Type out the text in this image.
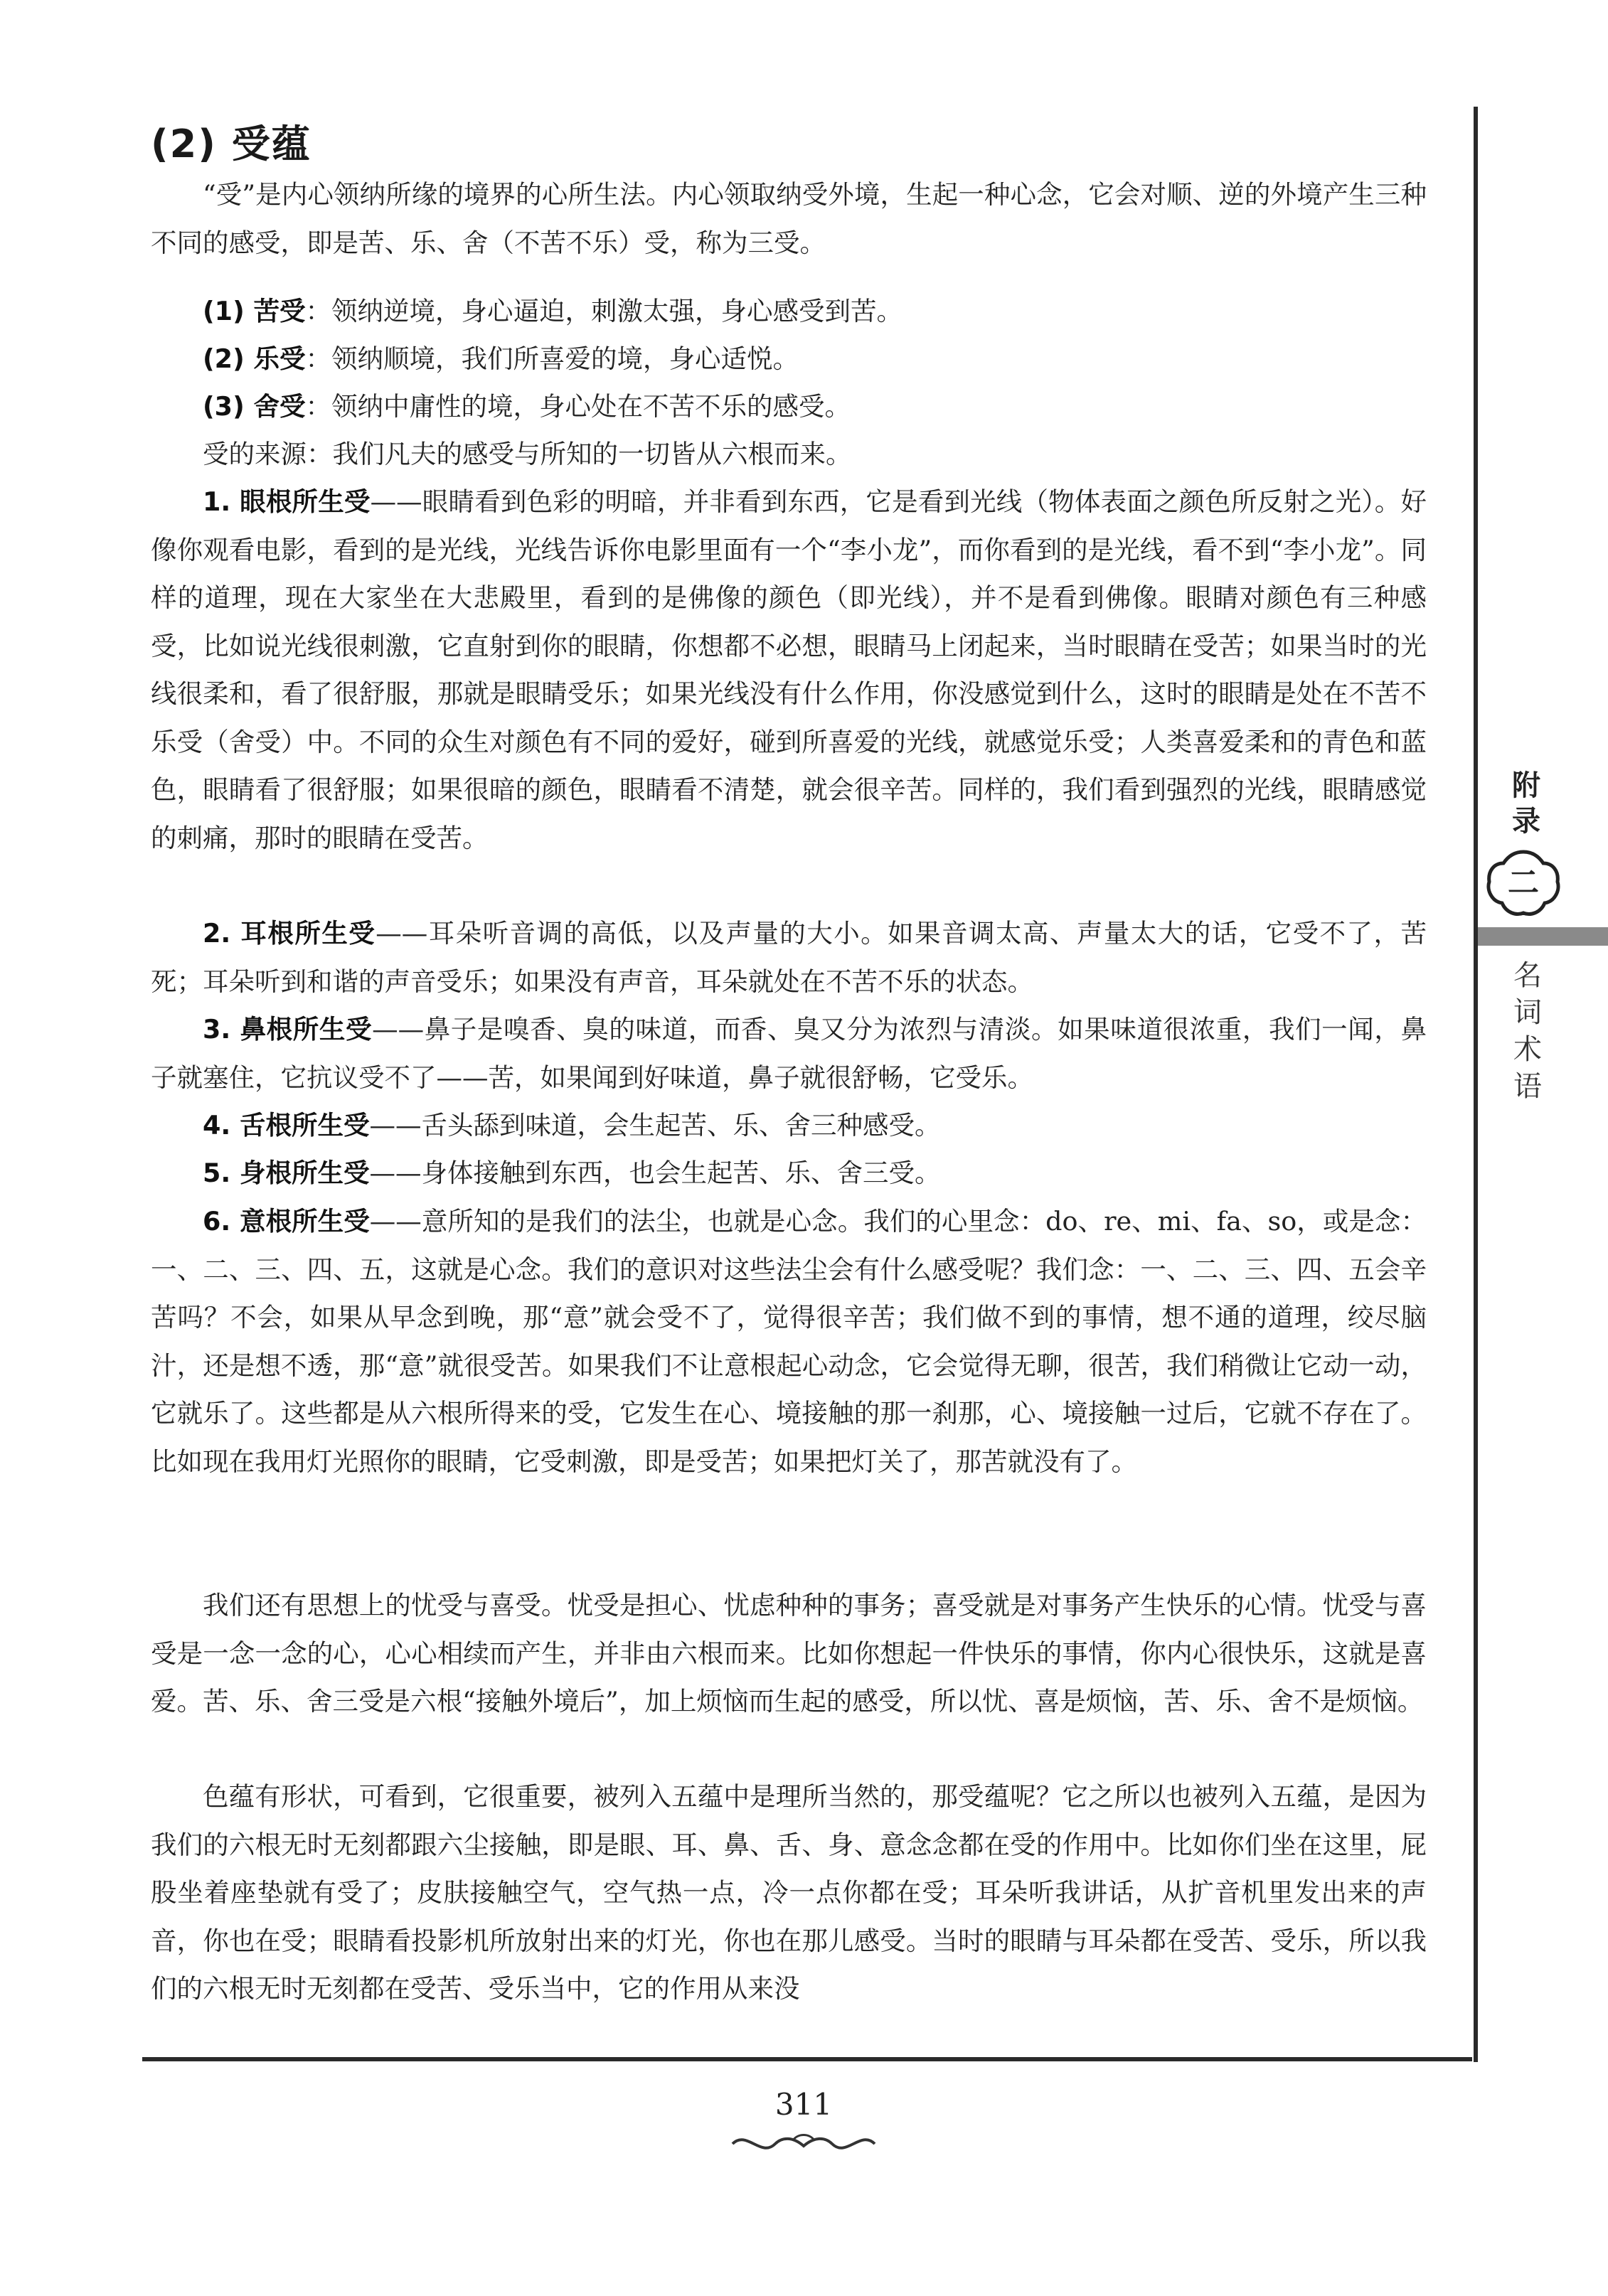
附
录
二
名
词
术
语
(2) 受蕴
“受”是内心领纳所缘的境界的心所生法。内心领取纳受外境，生起一种心念，它会对顺、逆的外境产生三种不同的感受，即是苦、乐、舍（不苦不乐）受，称为三受。
(1) 苦受：领纳逆境，身心逼迫，刺激太强，身心感受到苦。
(2) 乐受：领纳顺境，我们所喜爱的境，身心适悦。
(3) 舍受：领纳中庸性的境，身心处在不苦不乐的感受。
受的来源：我们凡夫的感受与所知的一切皆从六根而来。
1. 眼根所生受——眼睛看到色彩的明暗，并非看到东西，它是看到光线（物体表面之颜色所反射之光）。好像你观看电影，看到的是光线，光线告诉你电影里面有一个“李小龙”，而你看到的是光线，看不到“李小龙”。同样的道理，现在大家坐在大悲殿里，看到的是佛像的颜色（即光线），并不是看到佛像。眼睛对颜色有三种感受，比如说光线很刺激，它直射到你的眼睛，你想都不必想，眼睛马上闭起来，当时眼睛在受苦；如果当时的光线很柔和，看了很舒服，那就是眼睛受乐；如果光线没有什么作用，你没感觉到什么，这时的眼睛是处在不苦不乐受（舍受）中。不同的众生对颜色有不同的爱好，碰到所喜爱的光线，就感觉乐受；人类喜爱柔和的青色和蓝色，眼睛看了很舒服；如果很暗的颜色，眼睛看不清楚，就会很辛苦。同样的，我们看到强烈的光线，眼睛感觉的刺痛，那时的眼睛在受苦。
2. 耳根所生受——耳朵听音调的高低，以及声量的大小。如果音调太高、声量太大的话，它受不了，苦死；耳朵听到和谐的声音受乐；如果没有声音，耳朵就处在不苦不乐的状态。
3. 鼻根所生受——鼻子是嗅香、臭的味道，而香、臭又分为浓烈与清淡。如果味道很浓重，我们一闻，鼻子就塞住，它抗议受不了——苦，如果闻到好味道，鼻子就很舒畅，它受乐。
4. 舌根所生受——舌头舔到味道，会生起苦、乐、舍三种感受。
5. 身根所生受——身体接触到东西，也会生起苦、乐、舍三受。
6. 意根所生受——意所知的是我们的法尘，也就是心念。我们的心里念：do、re、mi、fa、so，或是念：一、二、三、四、五，这就是心念。我们的意识对这些法尘会有什么感受呢？我们念：一、二、三、四、五会辛苦吗？不会，如果从早念到晚，那“意”就会受不了，觉得很辛苦；我们做不到的事情，想不通的道理，绞尽脑汁，还是想不透，那“意”就很受苦。如果我们不让意根起心动念，它会觉得无聊，很苦，我们稍微让它动一动，它就乐了。这些都是从六根所得来的受，它发生在心、境接触的那一刹那，心、境接触一过后，它就不存在了。比如现在我用灯光照你的眼睛，它受刺激，即是受苦；如果把灯关了，那苦就没有了。
我们还有思想上的忧受与喜受。忧受是担心、忧虑种种的事务；喜受就是对事务产生快乐的心情。忧受与喜受是一念一念的心，心心相续而产生，并非由六根而来。比如你想起一件快乐的事情，你内心很快乐，这就是喜爱。苦、乐、舍三受是六根“接触外境后”，加上烦恼而生起的感受，所以忧、喜是烦恼，苦、乐、舍不是烦恼。
色蕴有形状，可看到，它很重要，被列入五蕴中是理所当然的，那受蕴呢？它之所以也被列入五蕴，是因为我们的六根无时无刻都跟六尘接触，即是眼、耳、鼻、舌、身、意念念都在受的作用中。比如你们坐在这里，屁股坐着座垫就有受了；皮肤接触空气，空气热一点，冷一点你都在受；耳朵听我讲话，从扩音机里发出来的声音，你也在受；眼睛看投影机所放射出来的灯光，你也在那儿感受。当时的眼睛与耳朵都在受苦、受乐，所以我们的六根无时无刻都在受苦、受乐当中，它的作用从来没
311
